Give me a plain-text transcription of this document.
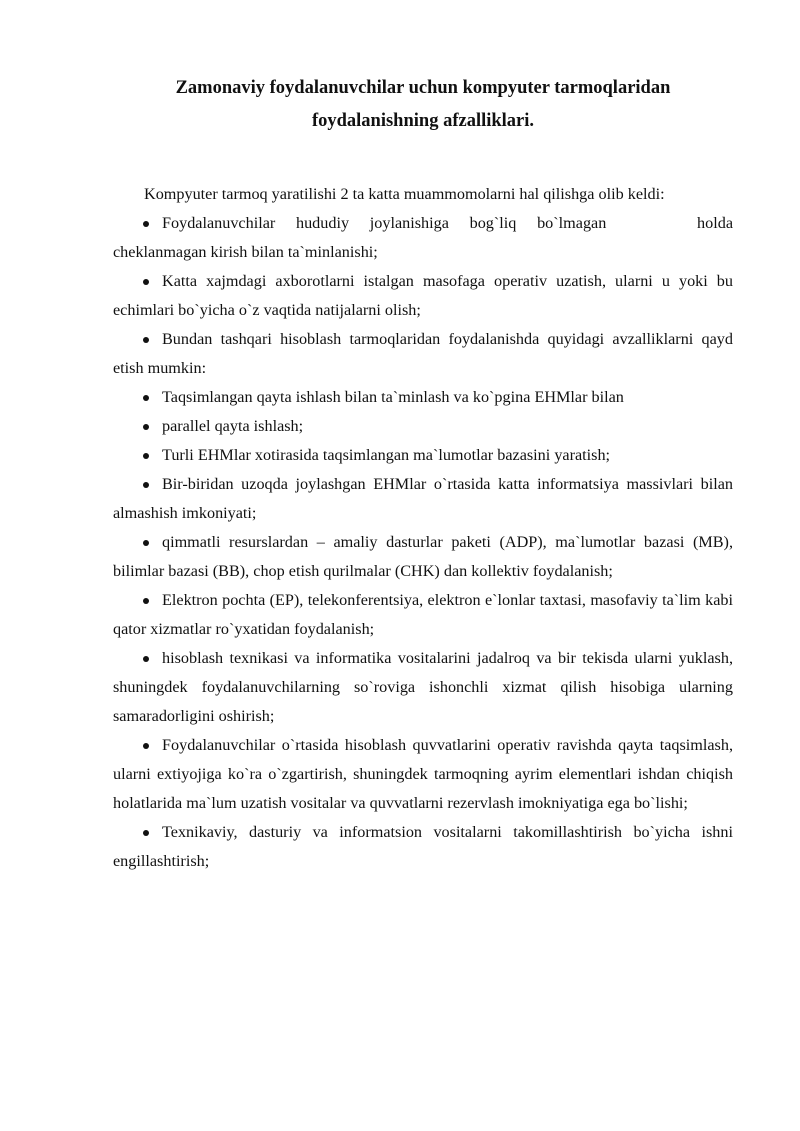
Zamonaviy foydalanuvchilar uchun kompyuter tarmoqlaridan
foydalanishning afzalliklari.

Kompyuter tarmoq yaratilishi 2 ta katta muammomolarni hal qilishga olib keldi:

Foydalanuvchilar hududiy joylanishiga bog`liq bo`lmagan	holda cheklanmagan kirish bilan ta`minlanishi;

Katta xajmdagi axborotlarni istalgan masofaga operativ uzatish, ularni u yoki bu echimlari bo`yicha o`z vaqtida natijalarni olish;

Bundan tashqari hisoblash tarmoqlaridan foydalanishda quyidagi avzalliklarni qayd etish mumkin:

Taqsimlangan qayta ishlash bilan ta`minlash va ko`pgina EHMlar bilan

parallel qayta ishlash;

Turli EHMlar xotirasida taqsimlangan ma`lumotlar bazasini yaratish;

Bir-biridan uzoqda joylashgan EHMlar o`rtasida katta informatsiya massivlari bilan almashish imkoniyati;

qimmatli resurslardan – amaliy dasturlar paketi (ADP), ma`lumotlar bazasi (MB), bilimlar bazasi (BB), chop etish qurilmalar (CHK) dan kollektiv foydalanish;

Elektron pochta (EP), telekonferentsiya, elektron e`lonlar taxtasi, masofaviy ta`lim kabi qator xizmatlar ro`yxatidan foydalanish;

hisoblash texnikasi va informatika vositalarini jadalroq va bir tekisda ularni yuklash, shuningdek foydalanuvchilarning so`roviga ishonchli xizmat qilish hisobiga ularning samaradorligini oshirish;

Foydalanuvchilar o`rtasida hisoblash quvvatlarini operativ ravishda qayta taqsimlash, ularni extiyojiga ko`ra o`zgartirish, shuningdek tarmoqning ayrim elementlari ishdan chiqish holatlarida ma`lum uzatish vositalar va quvvatlarni rezervlash imokniyatiga ega bo`lishi;

Texnikaviy, dasturiy va informatsion vositalarni takomillashtirish bo`yicha ishni engillashtirish;
